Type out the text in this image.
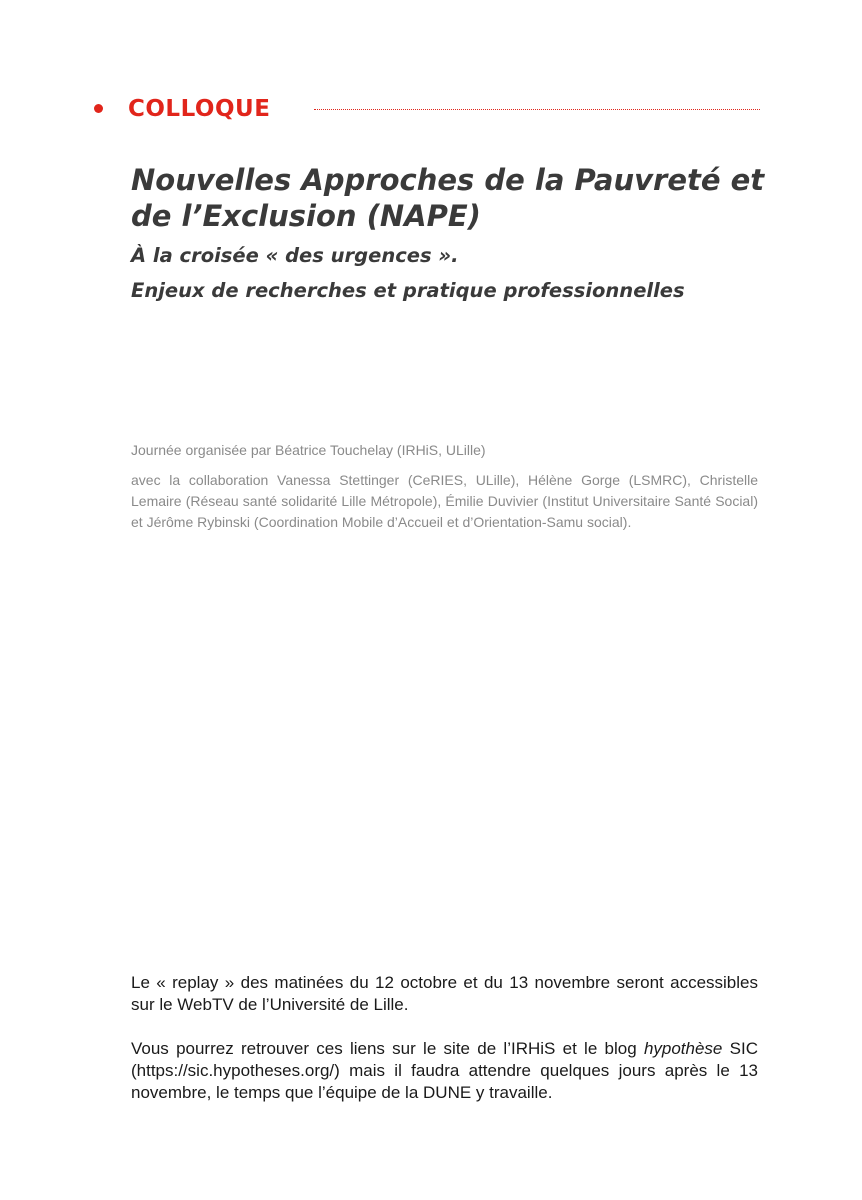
COLLOQUE
Nouvelles Approches de la Pauvreté et de l’Exclusion (NAPE)
À la croisée « des urgences ».
Enjeux de recherches et pratique professionnelles

Journée organisée par Béatrice Touchelay (IRHiS, ULille)

avec la collaboration Vanessa Stettinger (CeRIES, ULille), Hélène Gorge (LSMRC), Christelle Lemaire (Réseau santé solidarité Lille Métropole), Émilie Duvivier (Institut Universitaire Santé Social) et Jérôme Rybinski (Coordination Mobile d’Accueil et d’Orientation-Samu social).

Le « replay » des matinées du 12 octobre et du 13 novembre seront accessibles sur le WebTV de l’Université de Lille.

Vous pourrez retrouver ces liens sur le site de l’IRHiS et le blog hypothèse SIC (https://sic.hypotheses.org/) mais il faudra attendre quelques jours après le 13 novembre, le temps que l’équipe de la DUNE y travaille.
